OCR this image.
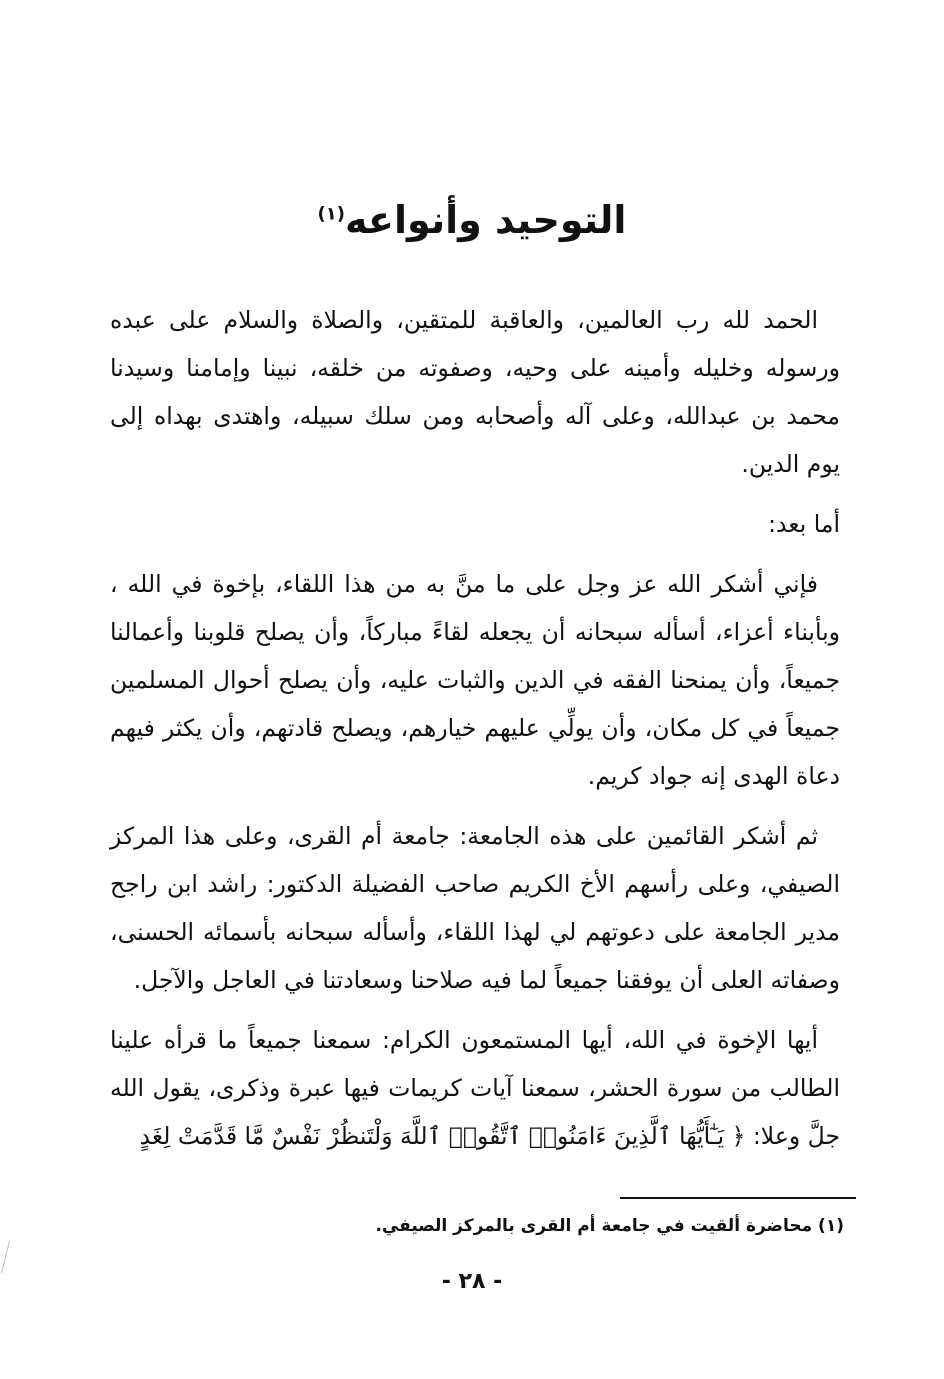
التوحيد وأنواعه$^{(١)}$

الحمد لله رب العالمين، والعاقبة للمتقين، والصلاة والسلام على عبده ورسوله وخليله وأمينه على وحيه، وصفوته من خلقه، نبينا وإمامنا وسيدنا محمد بن عبدالله، وعلى آله وأصحابه ومن سلك سبيله، واهتدى بهداه إلى يوم الدين.

أما بعد:

فإني أشكر الله عز وجل على ما منَّ به من هذا اللقاء، بإخوة في الله ، وبأبناء أعزاء، أسأله سبحانه أن يجعله لقاءً مباركاً، وأن يصلح قلوبنا وأعمالنا جميعاً، وأن يمنحنا الفقه في الدين والثبات عليه، وأن يصلح أحوال المسلمين جميعاً في كل مكان، وأن يولِّي عليهم خيارهم، ويصلح قادتهم، وأن يكثر فيهم دعاة الهدى إنه جواد كريم.

ثم أشكر القائمين على هذه الجامعة: جامعة أم القرى، وعلى هذا المركز الصيفي، وعلى رأسهم الأخ الكريم صاحب الفضيلة الدكتور: راشد ابن راجح مدير الجامعة على دعوتهم لي لهذا اللقاء، وأسأله سبحانه بأسمائه الحسنى، وصفاته العلى أن يوفقنا جميعاً لما فيه صلاحنا وسعادتنا في العاجل والآجل.

أيها الإخوة في الله، أيها المستمعون الكرام: سمعنا جميعاً ما قرأه علينا الطالب من سورة الحشر، سمعنا آيات كريمات فيها عبرة وذكرى، يقول الله جلَّ وعلا: ﴿ يَـٰٓأَيُّهَا ٱلَّذِينَ ءَامَنُوا۟ ٱتَّقُوا۟ ٱللَّهَ وَلْتَنظُرْ نَفْسٌ مَّا قَدَّمَتْ لِغَدٍ

(١) محاضرة ألقيت في جامعة أم القرى بالمركز الصيفي.
- ٢٨ -
